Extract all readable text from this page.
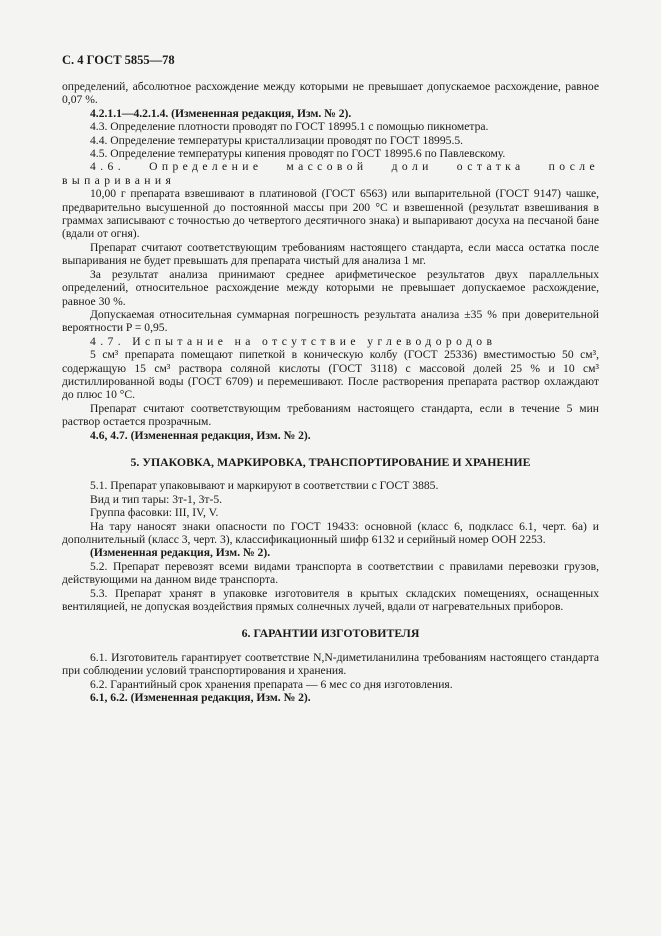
С. 4 ГОСТ 5855—78

определений, абсолютное расхождение между которыми не превышает допускаемое расхождение, равное 0,07 %.

4.2.1.1—4.2.1.4. (Измененная редакция, Изм. № 2).

4.3. Определение плотности проводят по ГОСТ 18995.1 с помощью пикнометра.

4.4. Определение температуры кристаллизации проводят по ГОСТ 18995.5.

4.5. Определение температуры кипения проводят по ГОСТ 18995.6 по Павлевскому.

4.6. Определение массовой доли остатка после выпаривания

10,00 г препарата взвешивают в платиновой (ГОСТ 6563) или выпарительной (ГОСТ 9147) чашке, предварительно высушенной до постоянной массы при 200 °С и взвешенной (результат взвешивания в граммах записывают с точностью до четвертого десятичного знака) и выпаривают досуха на песчаной бане (вдали от огня).

Препарат считают соответствующим требованиям настоящего стандарта, если масса остатка после выпаривания не будет превышать для препарата чистый для анализа 1 мг.

За результат анализа принимают среднее арифметическое результатов двух параллельных определений, относительное расхождение между которыми не превышает допускаемое расхождение, равное 30 %.

Допускаемая относительная суммарная погрешность результата анализа ±35 % при доверительной вероятности P = 0,95.

4.7. Испытание на отсутствие углеводородов

5 см³ препарата помещают пипеткой в коническую колбу (ГОСТ 25336) вместимостью 50 см³, содержащую 15 см³ раствора соляной кислоты (ГОСТ 3118) с массовой долей 25 % и 10 см³ дистиллированной воды (ГОСТ 6709) и перемешивают. После растворения препарата раствор охлаждают до плюс 10 °С.

Препарат считают соответствующим требованиям настоящего стандарта, если в течение 5 мин раствор остается прозрачным.

4.6, 4.7. (Измененная редакция, Изм. № 2).

5. УПАКОВКА, МАРКИРОВКА, ТРАНСПОРТИРОВАНИЕ И ХРАНЕНИЕ

5.1. Препарат упаковывают и маркируют в соответствии с ГОСТ 3885.

Вид и тип тары: 3т-1, 3т-5.

Группа фасовки: III, IV, V.

На тару наносят знаки опасности по ГОСТ 19433: основной (класс 6, подкласс 6.1, черт. 6а) и дополнительный (класс 3, черт. 3), классификационный шифр 6132 и серийный номер ООН 2253.

(Измененная редакция, Изм. № 2).

5.2. Препарат перевозят всеми видами транспорта в соответствии с правилами перевозки грузов, действующими на данном виде транспорта.

5.3. Препарат хранят в упаковке изготовителя в крытых складских помещениях, оснащенных вентиляцией, не допуская воздействия прямых солнечных лучей, вдали от нагревательных приборов.

6. ГАРАНТИИ ИЗГОТОВИТЕЛЯ

6.1. Изготовитель гарантирует соответствие N,N-диметиланилина требованиям настоящего стандарта при соблюдении условий транспортирования и хранения.

6.2. Гарантийный срок хранения препарата — 6 мес со дня изготовления.

6.1, 6.2. (Измененная редакция, Изм. № 2).
